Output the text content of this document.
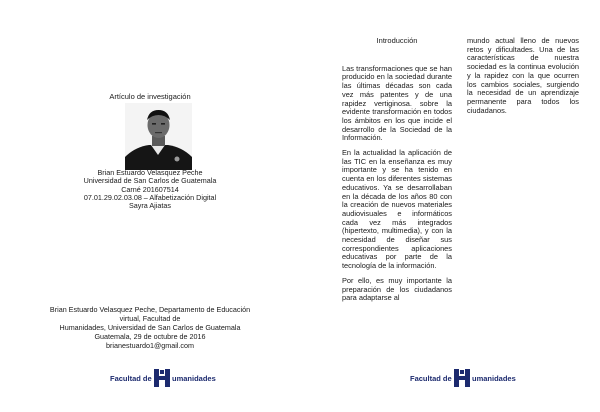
Artículo de investigación
Brian Estuardo Velasquez Peche
Universidad de San Carlos de Guatemala
Carné 201607514
07.01.29.02.03.08 – Alfabetización Digital
Sayra Ajiatas
Brian Estuardo Velasquez Peche, Departamento de Educación
virtual, Facultad de
Humanidades, Universidad de San Carlos de Guatemala
Guatemala, 29 de octubre de 2016
brianestuardo1@gmail.com
Facultad de	umanidades
Introducción

Las transformaciones que se han producido en la sociedad durante las últimas décadas son cada vez más patentes y de una rapidez vertiginosa. sobre la evidente transformación en todos los ámbitos en los que incide el desarrollo de la Sociedad de la Información.

En la actualidad la aplicación de las TIC en la enseñanza es muy importante y se ha tenido en cuenta en los diferentes sistemas educativos. Ya se desarrollaban en la década de los años 80 con la creación de nuevos materiales audiovisuales e informáticos cada vez más integrados (hipertexto, multimedia), y con la necesidad de diseñar sus correspondientes aplicaciones educativas por parte de la tecnología de la información.

Por ello, es muy importante la preparación de los ciudadanos para adaptarse al

mundo actual lleno de nuevos retos y dificultades. Una de las características de nuestra sociedad es la continua evolución y la rapidez con la que ocurren los cambios sociales, surgiendo la necesidad de un aprendizaje permanente para todos los ciudadanos.

Facultad de	umanidades
